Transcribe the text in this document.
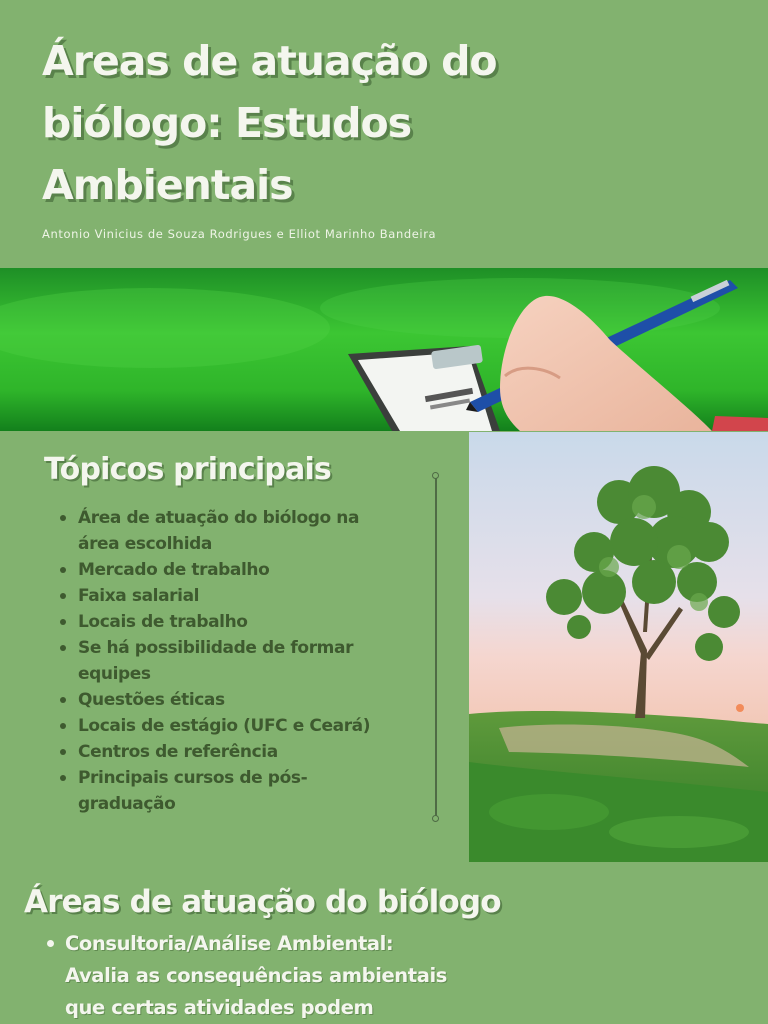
Áreas de atuação do
biólogo: Estudos
Ambientais
Antonio Vinicius de Souza Rodrigues e Elliot Marinho Bandeira
Tópicos principais
Área de atuação do biólogo na
área escolhida
Mercado de trabalho
Faixa salarial
Locais de trabalho
Se há possibilidade de formar
equipes
Questões éticas
Locais de estágio (UFC e Ceará)
Centros de referência
Principais cursos de pós-
graduação
Áreas de atuação do biólogo
Consultoria/Análise Ambiental:
Avalia as consequências ambientais
que certas atividades podem
